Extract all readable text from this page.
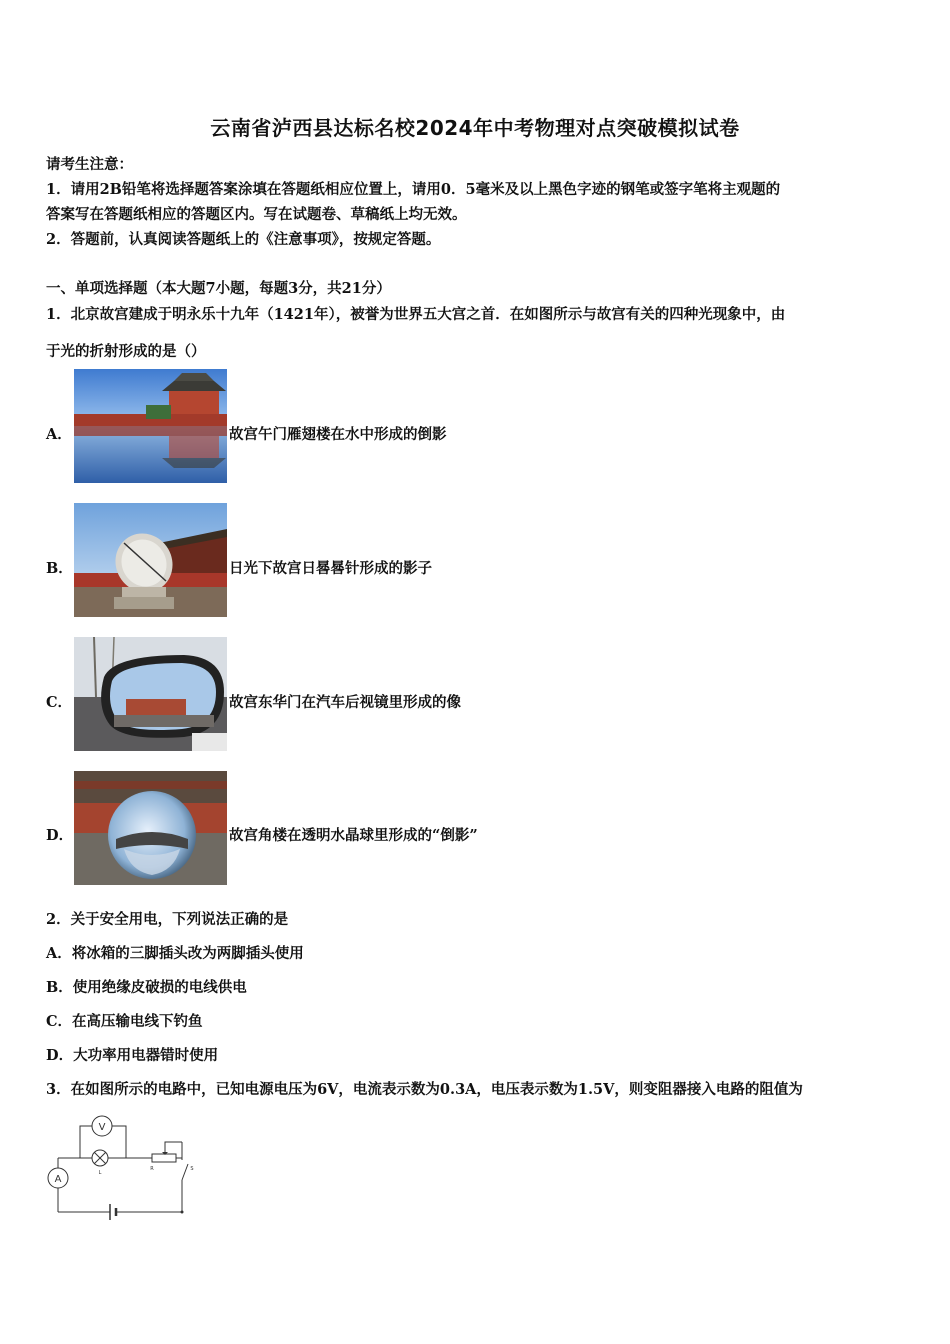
云南省泸西县达标名校2024年中考物理对点突破模拟试卷
请考生注意：
1．请用2B铅笔将选择题答案涂填在答题纸相应位置上，请用0．5毫米及以上黑色字迹的钢笔或签字笔将主观题的
答案写在答题纸相应的答题区内。写在试题卷、草稿纸上均无效。
2．答题前，认真阅读答题纸上的《注意事项》，按规定答题。
一、单项选择题（本大题7小题，每题3分，共21分）
1．北京故宫建成于明永乐十九年（1421年），被誉为世界五大宫之首．在如图所示与故宫有关的四种光现象中，由
于光的折射形成的是（）
A．	故宫午门雁翅楼在水中形成的倒影
B．	日光下故宫日晷晷针形成的影子
C．	故宫东华门在汽车后视镜里形成的像
D．	故宫角楼在透明水晶球里形成的“倒影”
2．关于安全用电，下列说法正确的是
A．将冰箱的三脚插头改为两脚插头使用
B．使用绝缘皮破损的电线供电
C．在高压输电线下钓鱼
D．大功率用电器错时使用
3．在如图所示的电路中，已知电源电压为6V，电流表示数为0.3A，电压表示数为1.5V，则变阻器接入电路的阻值为
V
L
R	S
A
